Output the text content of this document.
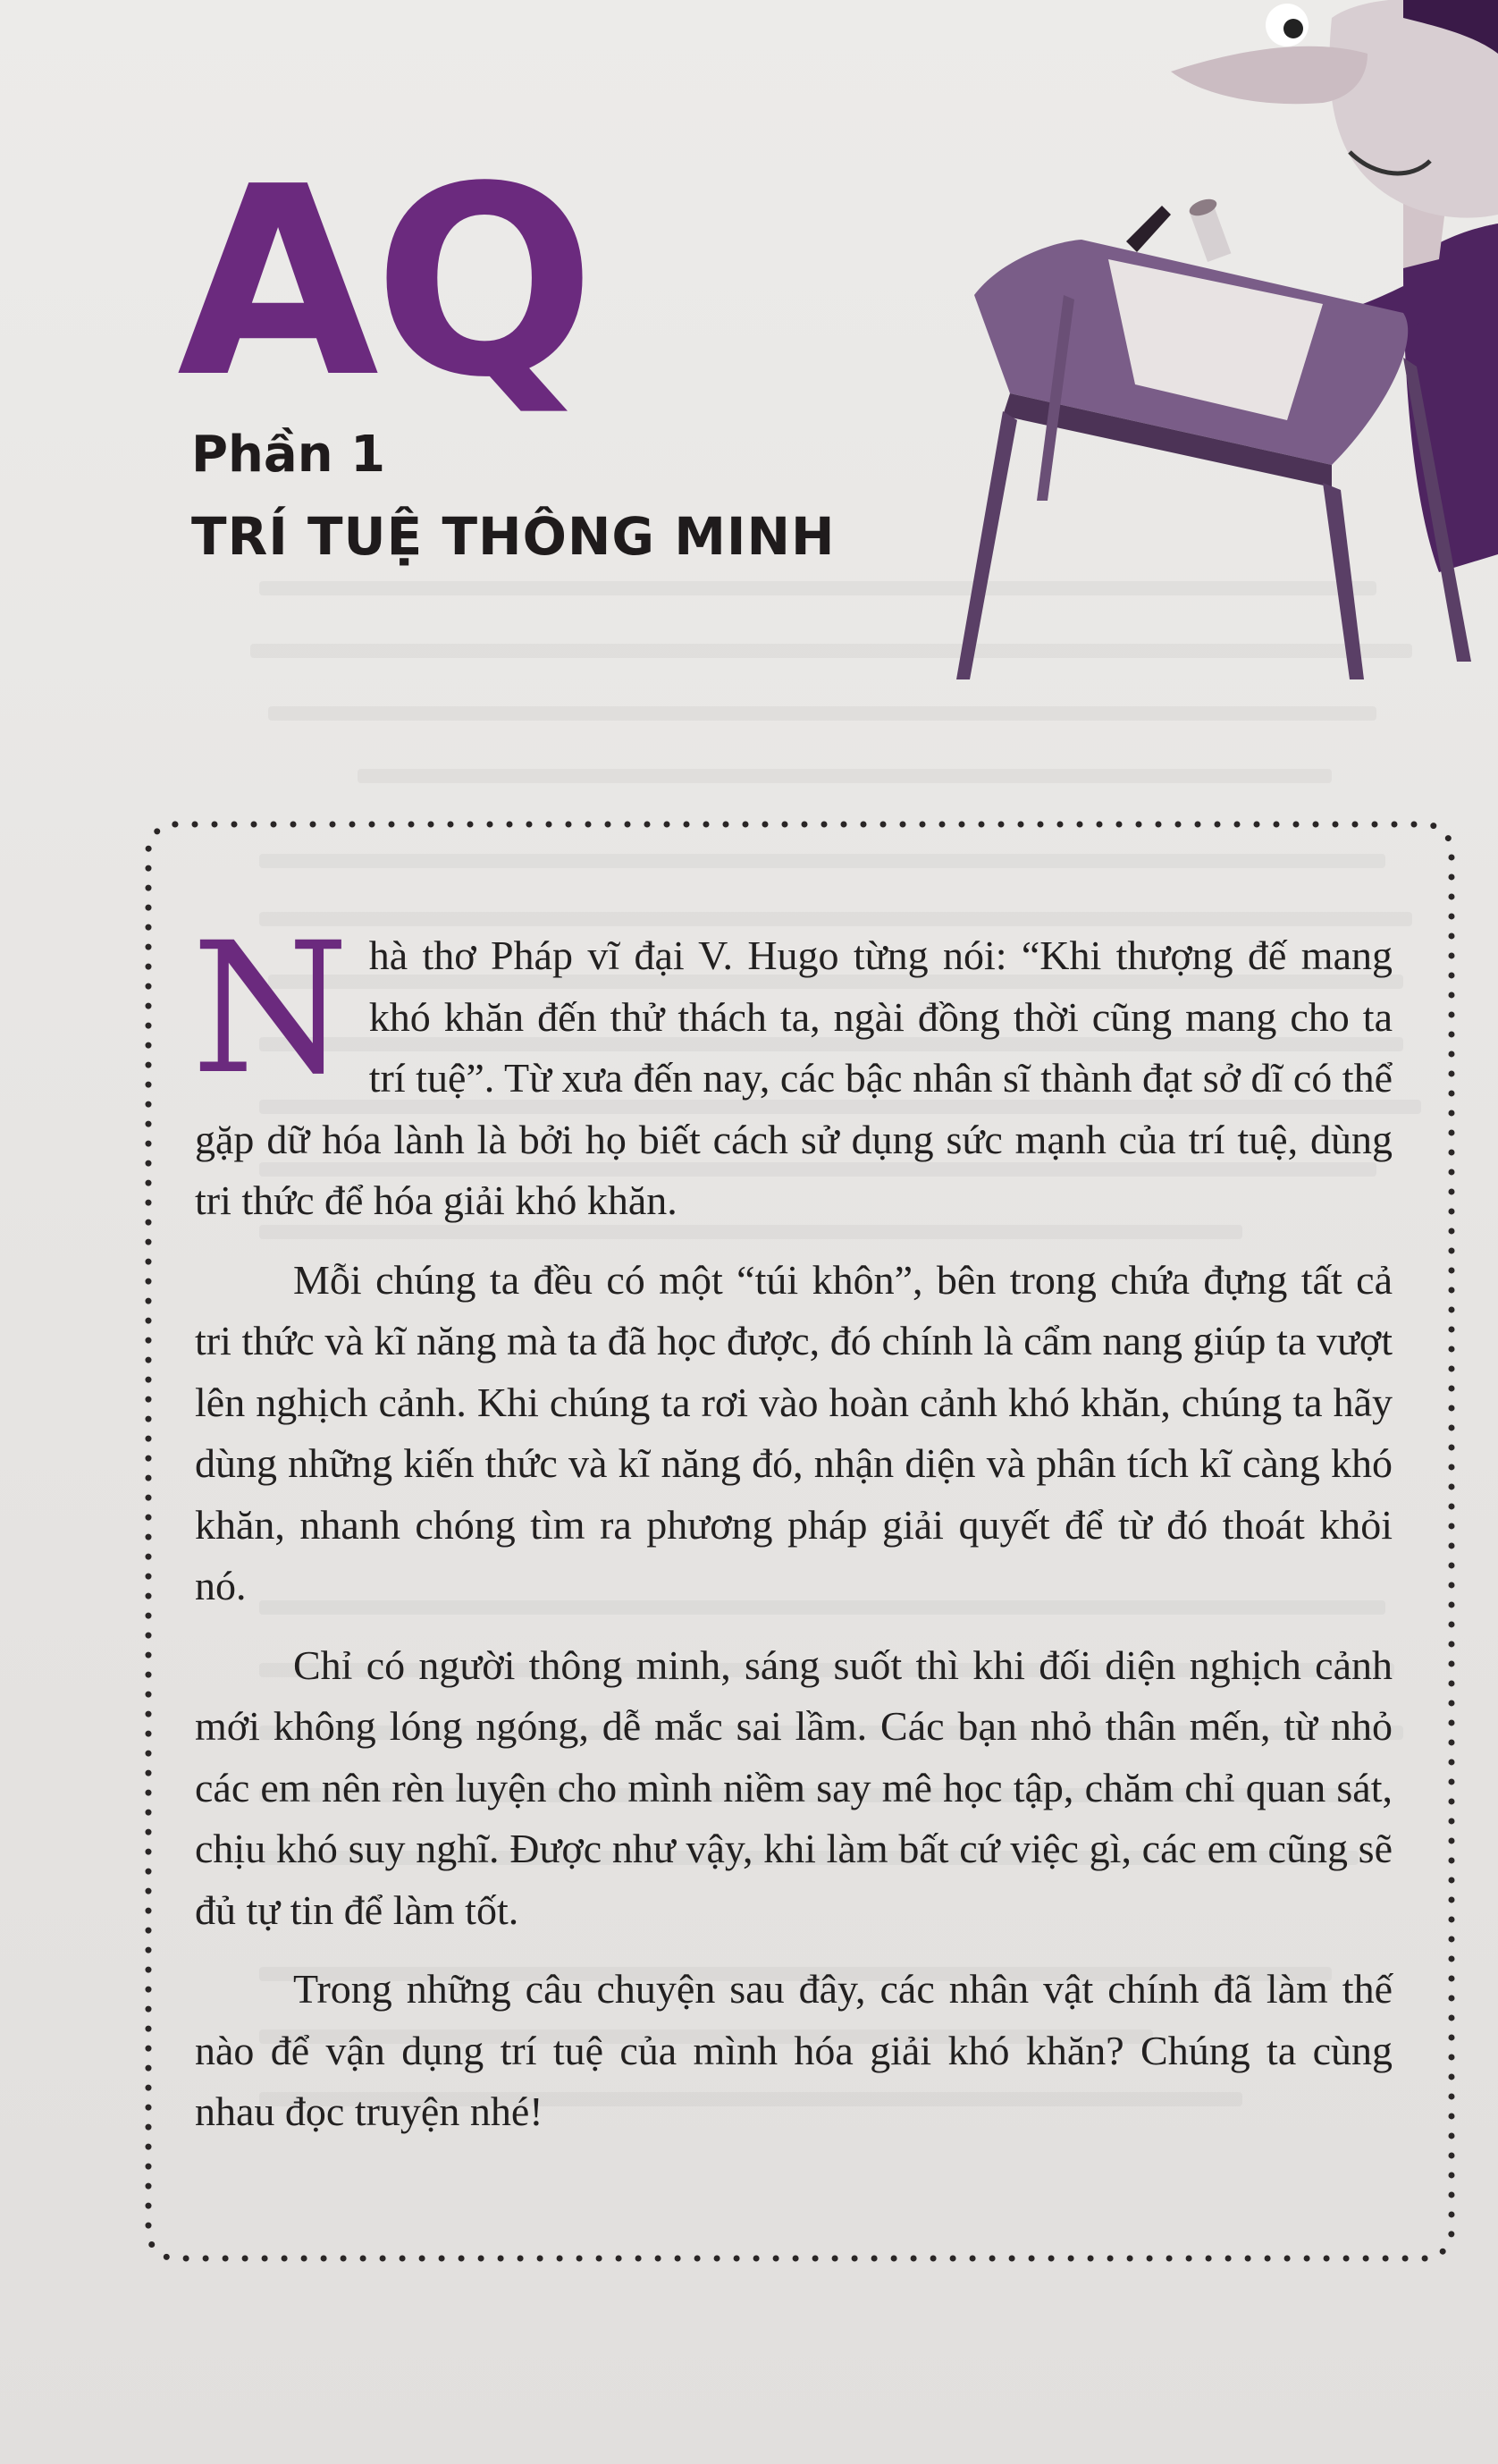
AQ
Phần 1
TRÍ TUỆ THÔNG MINH

Nhà thơ Pháp vĩ đại V. Hugo từng nói: “Khi thượng đế mang khó khăn đến thử thách ta, ngài đồng thời cũng mang cho ta trí tuệ”. Từ xưa đến nay, các bậc nhân sĩ thành đạt sở dĩ có thể gặp dữ hóa lành là bởi họ biết cách sử dụng sức mạnh của trí tuệ, dùng tri thức để hóa giải khó khăn.

Mỗi chúng ta đều có một “túi khôn”, bên trong chứa đựng tất cả tri thức và kĩ năng mà ta đã học được, đó chính là cẩm nang giúp ta vượt lên nghịch cảnh. Khi chúng ta rơi vào hoàn cảnh khó khăn, chúng ta hãy dùng những kiến thức và kĩ năng đó, nhận diện và phân tích kĩ càng khó khăn, nhanh chóng tìm ra phương pháp giải quyết để từ đó thoát khỏi nó.

Chỉ có người thông minh, sáng suốt thì khi đối diện nghịch cảnh mới không lóng ngóng, dễ mắc sai lầm. Các bạn nhỏ thân mến, từ nhỏ các em nên rèn luyện cho mình niềm say mê học tập, chăm chỉ quan sát, chịu khó suy nghĩ. Được như vậy, khi làm bất cứ việc gì, các em cũng sẽ đủ tự tin để làm tốt.

Trong những câu chuyện sau đây, các nhân vật chính đã làm thế nào để vận dụng trí tuệ của mình hóa giải khó khăn? Chúng ta cùng nhau đọc truyện nhé!
